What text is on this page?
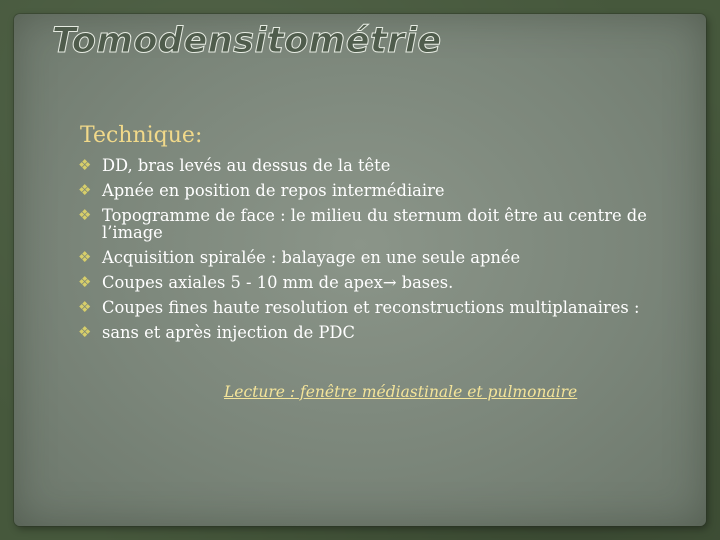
Tomodensitométrie
Technique:
❖ DD, bras levés au dessus de la tête
❖ Apnée en position de repos intermédiaire
❖ Topogramme de face : le milieu du sternum doit être au centre de l’image
❖ Acquisition spiralée : balayage en une seule apnée
❖ Coupes axiales 5 - 10 mm de apex→ bases.
❖ Coupes fines haute resolution et reconstructions multiplanaires :
❖ sans et après injection de PDC
Lecture : fenêtre médiastinale et pulmonaire
